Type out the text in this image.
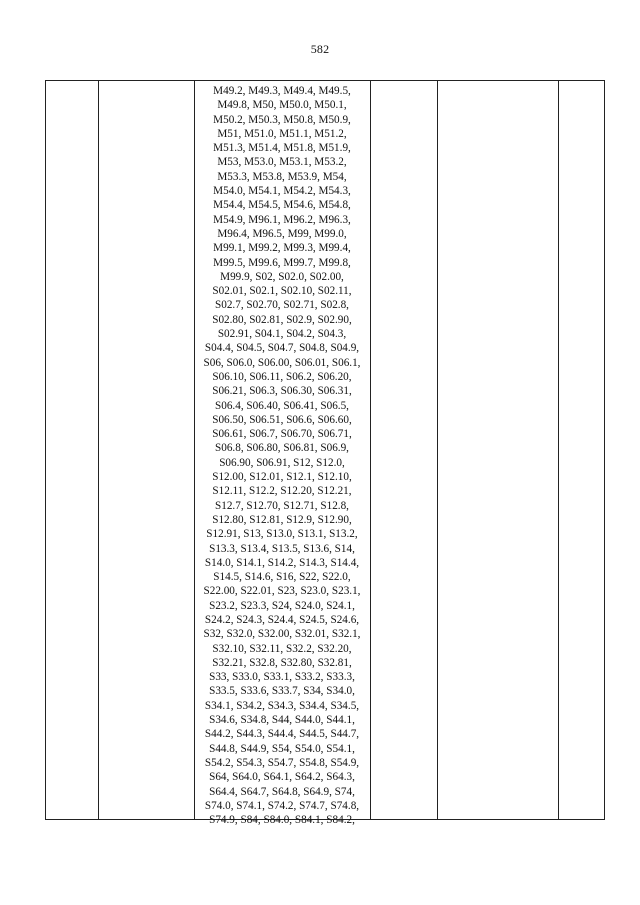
582
M49.2, M49.3, M49.4, M49.5,
M49.8, M50, M50.0, M50.1,
M50.2, M50.3, M50.8, M50.9,
M51, M51.0, M51.1, M51.2,
M51.3, M51.4, M51.8, M51.9,
M53, M53.0, M53.1, M53.2,
M53.3, M53.8, M53.9, M54,
M54.0, M54.1, M54.2, M54.3,
M54.4, M54.5, M54.6, M54.8,
M54.9, M96.1, M96.2, M96.3,
M96.4, M96.5, M99, M99.0,
M99.1, M99.2, M99.3, M99.4,
M99.5, M99.6, M99.7, M99.8,
M99.9, S02, S02.0, S02.00,
S02.01, S02.1, S02.10, S02.11,
S02.7, S02.70, S02.71, S02.8,
S02.80, S02.81, S02.9, S02.90,
S02.91, S04.1, S04.2, S04.3,
S04.4, S04.5, S04.7, S04.8, S04.9,
S06, S06.0, S06.00, S06.01, S06.1,
S06.10, S06.11, S06.2, S06.20,
S06.21, S06.3, S06.30, S06.31,
S06.4, S06.40, S06.41, S06.5,
S06.50, S06.51, S06.6, S06.60,
S06.61, S06.7, S06.70, S06.71,
S06.8, S06.80, S06.81, S06.9,
S06.90, S06.91, S12, S12.0,
S12.00, S12.01, S12.1, S12.10,
S12.11, S12.2, S12.20, S12.21,
S12.7, S12.70, S12.71, S12.8,
S12.80, S12.81, S12.9, S12.90,
S12.91, S13, S13.0, S13.1, S13.2,
S13.3, S13.4, S13.5, S13.6, S14,
S14.0, S14.1, S14.2, S14.3, S14.4,
S14.5, S14.6, S16, S22, S22.0,
S22.00, S22.01, S23, S23.0, S23.1,
S23.2, S23.3, S24, S24.0, S24.1,
S24.2, S24.3, S24.4, S24.5, S24.6,
S32, S32.0, S32.00, S32.01, S32.1,
S32.10, S32.11, S32.2, S32.20,
S32.21, S32.8, S32.80, S32.81,
S33, S33.0, S33.1, S33.2, S33.3,
S33.5, S33.6, S33.7, S34, S34.0,
S34.1, S34.2, S34.3, S34.4, S34.5,
S34.6, S34.8, S44, S44.0, S44.1,
S44.2, S44.3, S44.4, S44.5, S44.7,
S44.8, S44.9, S54, S54.0, S54.1,
S54.2, S54.3, S54.7, S54.8, S54.9,
S64, S64.0, S64.1, S64.2, S64.3,
S64.4, S64.7, S64.8, S64.9, S74,
S74.0, S74.1, S74.2, S74.7, S74.8,
S74.9, S84, S84.0, S84.1, S84.2,
